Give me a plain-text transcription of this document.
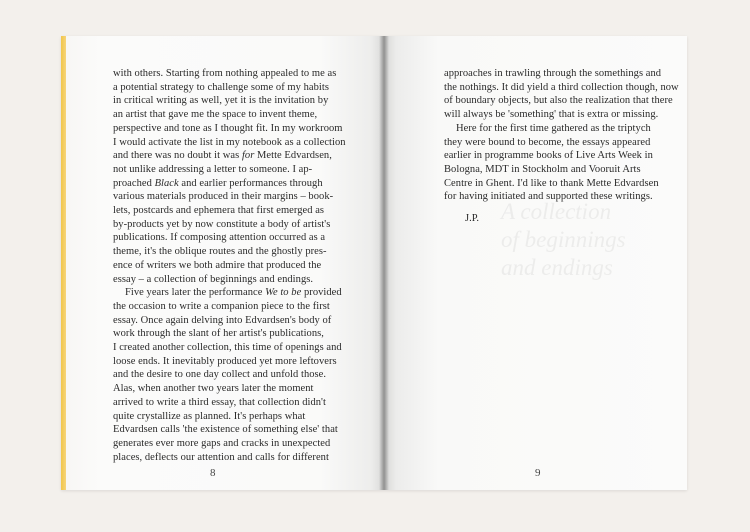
with others. Starting from nothing appealed to me as
a potential strategy to challenge some of my habits
in critical writing as well, yet it is the invitation by
an artist that gave me the space to invent theme,
perspective and tone as I thought fit. In my workroom
I would activate the list in my notebook as a collection
and there was no doubt it was for Mette Edvardsen,
not unlike addressing a letter to someone. I ap-
proached Black and earlier performances through
various materials produced in their margins – book-
lets, postcards and ephemera that first emerged as
by-products yet by now constitute a body of artist's
publications. If composing attention occurred as a
theme, it's the oblique routes and the ghostly pres-
ence of writers we both admire that produced the
essay – a collection of beginnings and endings.

Five years later the performance We to be provided
the occasion to write a companion piece to the first
essay. Once again delving into Edvardsen's body of
work through the slant of her artist's publications,
I created another collection, this time of openings and
loose ends. It inevitably produced yet more leftovers
and the desire to one day collect and unfold those.
Alas, when another two years later the moment
arrived to write a third essay, that collection didn't
quite crystallize as planned. It's perhaps what
Edvardsen calls 'the existence of something else' that
generates ever more gaps and cracks in unexpected
places, deflects our attention and calls for different

8
A collection
of beginnings
and endings

approaches in trawling through the somethings and
the nothings. It did yield a third collection though, now
of boundary objects, but also the realization that there
will always be 'something' that is extra or missing.

Here for the first time gathered as the triptych
they were bound to become, the essays appeared
earlier in programme books of Live Arts Week in
Bologna, MDT in Stockholm and Vooruit Arts
Centre in Ghent. I'd like to thank Mette Edvardsen
for having initiated and supported these writings.

J.P.
9
